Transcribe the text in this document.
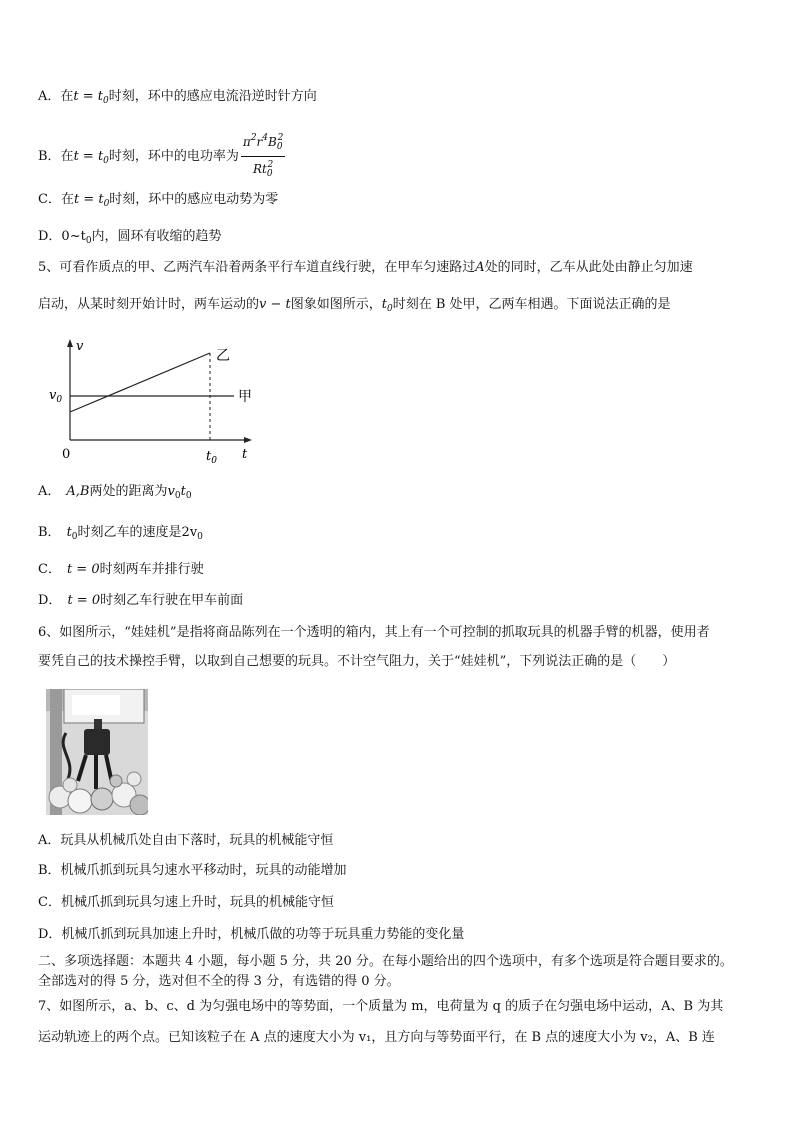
A．在$t = t_0$时刻，环中的感应电流沿逆时针方向
B．在$t = t_0$时刻，环中的电功率为 $\frac{\pi^2r^4B_0^2}{Rt_0^2}$
C．在$t = t_0$时刻，环中的感应电动势为零
D．$0\sim t_0$内，圆环有收缩的趋势
5、可看作质点的甲、乙两汽车沿着两条平行车道直线行驶，在甲车匀速路过A处的同时，乙车从此处由静止匀加速
启动，从某时刻开始计时，两车运动的v − t图象如图所示，$t_0$时刻在 B 处甲，乙两车相遇。下面说法正确的是
v
t
0
$v_0$
$t_0$
乙
甲
A． A,B两处的距离为$v_0t_0$
B． $t_0$时刻乙车的速度是$2v_0$
C． t = 0时刻两车并排行驶
D． t = 0时刻乙车行驶在甲车前面
6、如图所示，“娃娃机”是指将商品陈列在一个透明的箱内，其上有一个可控制的抓取玩具的机器手臂的机器，使用者
要凭自己的技术操控手臂，以取到自己想要的玩具。不计空气阻力，关于“娃娃机”，下列说法正确的是（　　）
A．玩具从机械爪处自由下落时，玩具的机械能守恒
B．机械爪抓到玩具匀速水平移动时，玩具的动能增加
C．机械爪抓到玩具匀速上升时，玩具的机械能守恒
D．机械爪抓到玩具加速上升时，机械爪做的功等于玩具重力势能的变化量
二、多项选择题：本题共 4 小题，每小题 5 分，共 20 分。在每小题给出的四个选项中，有多个选项是符合题目要求的。
全部选对的得 5 分，选对但不全的得 3 分，有选错的得 0 分。
7、如图所示，a、b、c、d 为匀强电场中的等势面，一个质量为 m，电荷量为 q 的质子在匀强电场中运动，A、B 为其
运动轨迹上的两个点。已知该粒子在 A 点的速度大小为 v₁，且方向与等势面平行，在 B 点的速度大小为 v₂，A、B 连
